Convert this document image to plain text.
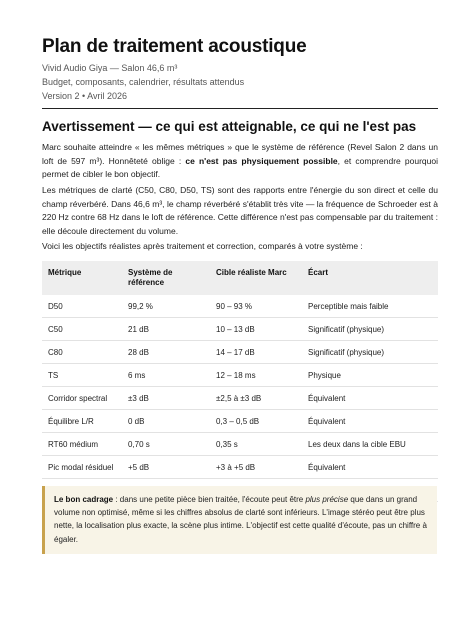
Plan de traitement acoustique
Vivid Audio Giya — Salon 46,6 m³
Budget, composants, calendrier, résultats attendus
Version 2 • Avril 2026
Avertissement — ce qui est atteignable, ce qui ne l'est pas
Marc souhaite atteindre « les mêmes métriques » que le système de référence (Revel Salon 2 dans un loft de 597 m³). Honnêteté oblige : ce n'est pas physiquement possible, et comprendre pourquoi permet de cibler le bon objectif.
Les métriques de clarté (C50, C80, D50, TS) sont des rapports entre l'énergie du son direct et celle du champ réverbéré. Dans 46,6 m³, le champ réverbéré s'établit très vite — la fréquence de Schroeder est à 220 Hz contre 68 Hz dans le loft de référence. Cette différence n'est pas compensable par du traitement : elle découle directement du volume.
Voici les objectifs réalistes après traitement et correction, comparés à votre système :
Métrique	Système de référence	Cible réaliste Marc	Écart
D50	99,2 %	90 – 93 %	Perceptible mais faible
C50	21 dB	10 – 13 dB	Significatif (physique)
C80	28 dB	14 – 17 dB	Significatif (physique)
TS	6 ms	12 – 18 ms	Physique
Corridor spectral	±3 dB	±2,5 à ±3 dB	Équivalent
Équilibre L/R	0 dB	0,3 – 0,5 dB	Équivalent
RT60 médium	0,70 s	0,35 s	Les deux dans la cible EBU
Pic modal résiduel	+5 dB	+3 à +5 dB	Équivalent

Le bon cadrage : dans une petite pièce bien traitée, l'écoute peut être plus précise que dans un grand volume non optimisé, même si les chiffres absolus de clarté sont inférieurs. L'image stéréo peut être plus nette, la localisation plus exacte, la scène plus intime. L'objectif est cette qualité d'écoute, pas un chiffre à égaler.
